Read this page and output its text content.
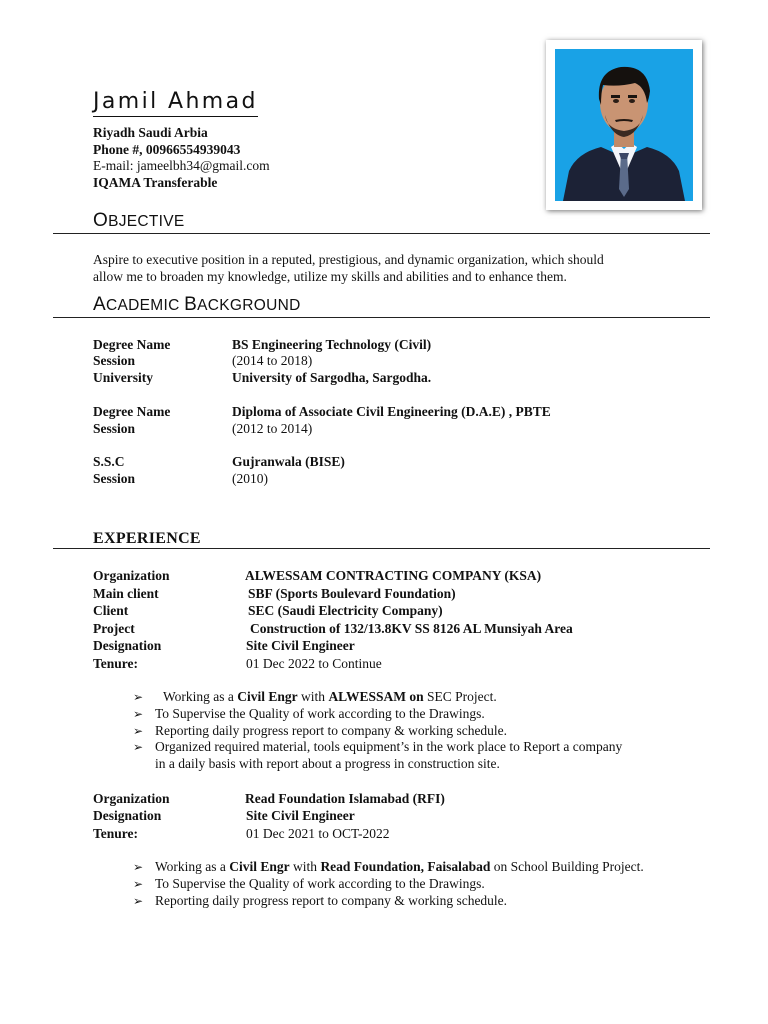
Jamil Ahmad
Riyadh Saudi Arbia
Phone #, 00966554939043
E-mail: jameelbh34@gmail.com
IQAMA Transferable
OBJECTIVE
Aspire to executive position in a reputed, prestigious, and dynamic organization, which should
allow me to broaden my knowledge, utilize my skills and abilities and to enhance them.
ACADEMIC BACKGROUND
Degree Name	BS Engineering Technology (Civil)
Session	(2014 to 2018)
University	University of Sargodha, Sargodha.
Degree Name	Diploma of Associate Civil Engineering (D.A.E) , PBTE
Session	(2012 to 2014)
S.S.C	Gujranwala (BISE)
Session	(2010)
EXPERIENCE
Organization	ALWESSAM CONTRACTING COMPANY (KSA)
Main client	SBF (Sports Boulevard Foundation)
Client	SEC (Saudi Electricity Company)
Project	Construction of 132/13.8KV SS 8126 AL Munsiyah Area
Designation	Site Civil Engineer
Tenure:	01 Dec 2022 to Continue
➢ Working as a Civil Engr with ALWESSAM on SEC Project.
➢ To Supervise the Quality of work according to the Drawings.
➢ Reporting daily progress report to company & working schedule.
➢ Organized required material, tools equipment’s in the work place to Report a company in a daily basis with report about a progress in construction site.
Organization	Read Foundation Islamabad (RFI)
Designation	Site Civil Engineer
Tenure:	01 Dec 2021 to OCT-2022
➢ Working as a Civil Engr with Read Foundation, Faisalabad on School Building Project.
➢ To Supervise the Quality of work according to the Drawings.
➢ Reporting daily progress report to company & working schedule.
